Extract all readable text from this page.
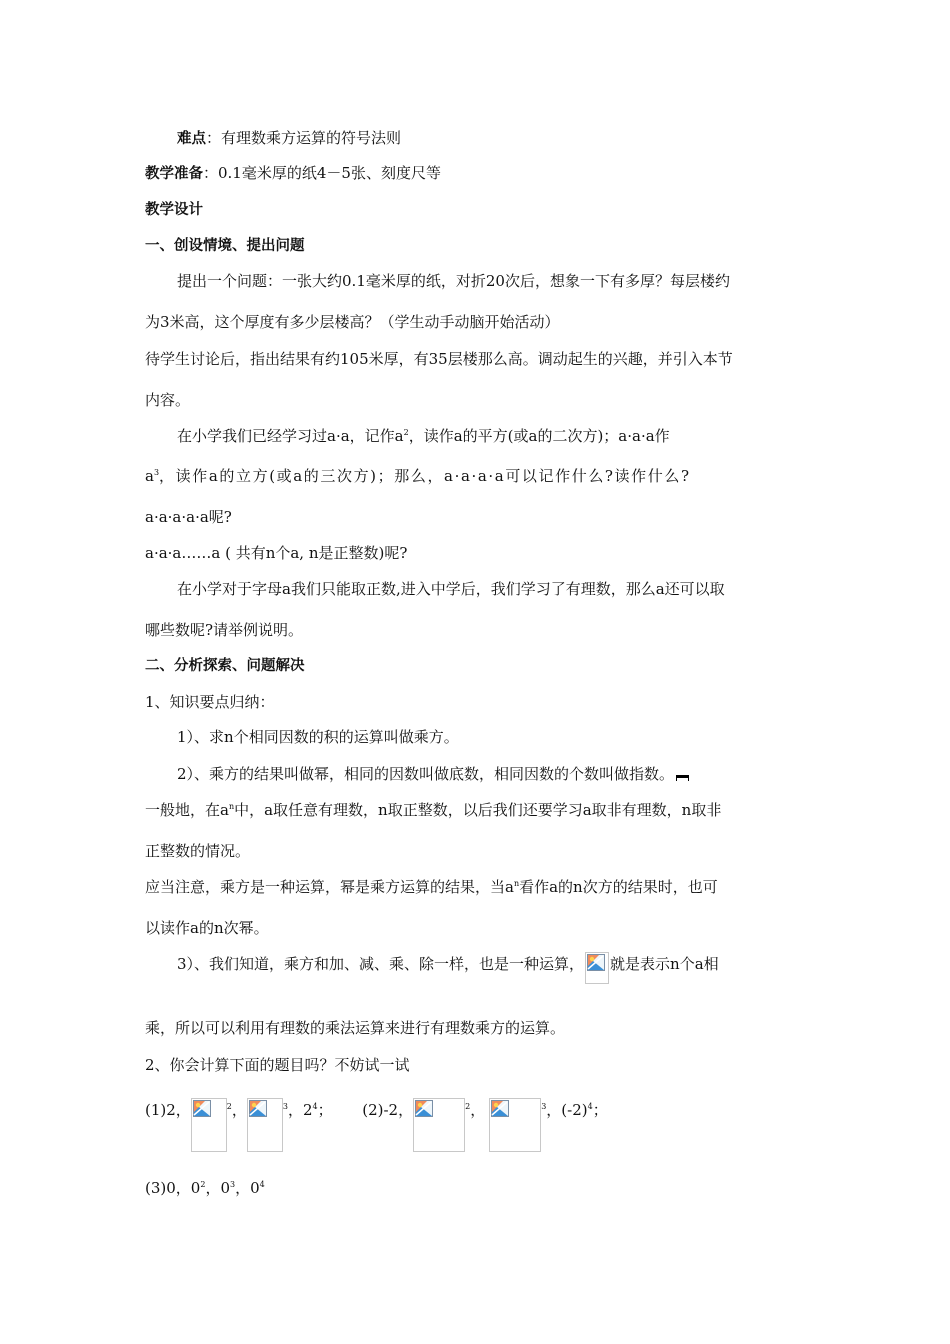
难点：有理数乘方运算的符号法则
教学准备：0.1毫米厚的纸4－5张、刻度尺等
教学设计
一、创设情境、提出问题
提出一个问题：一张大约0.1毫米厚的纸，对折20次后，想象一下有多厚？每层楼约
为3米高，这个厚度有多少层楼高？（学生动手动脑开始活动）
待学生讨论后，指出结果有约105米厚，有35层楼那么高。调动起生的兴趣，并引入本节
内容。
在小学我们已经学习过a·a，记作$a^2$，读作a的平方(或a的二次方)；a·a·a作
$a^3$，读作a的立方(或a的三次方)；那么，a·a·a·a可以记作什么?读作什么?
a·a·a·a·a呢?
a·a·a……a ( 共有n个a, n是正整数)呢?
在小学对于字母a我们只能取正数,进入中学后，我们学习了有理数，那么a还可以取
哪些数呢?请举例说明。
二、分析探索、问题解决
1、知识要点归纳：
1）、求n个相同因数的积的运算叫做乘方。
2）、乘方的结果叫做幂，相同的因数叫做底数，相同因数的个数叫做指数。
一般地，在$a^n$中，a取任意有理数，n取正整数，以后我们还要学习a取非有理数，n取非
正整数的情况。
应当注意，乘方是一种运算，幂是乘方运算的结果，当$a^n$看作a的n次方的结果时，也可
以读作a的n次幂。
3）、我们知道，乘方和加、减、乘、除一样，也是一种运算， 就是表示n个a相
乘，所以可以利用有理数的乘法运算来进行有理数乘方的运算。
2、你会计算下面的题目吗？不妨试一试
(1)2，	$^2$，	$^3$，$2^4$； (2)-2，	$^2$，	$^3$，$(-2)^4$；
(3)0，$0^2$，$0^3$，$0^4$
